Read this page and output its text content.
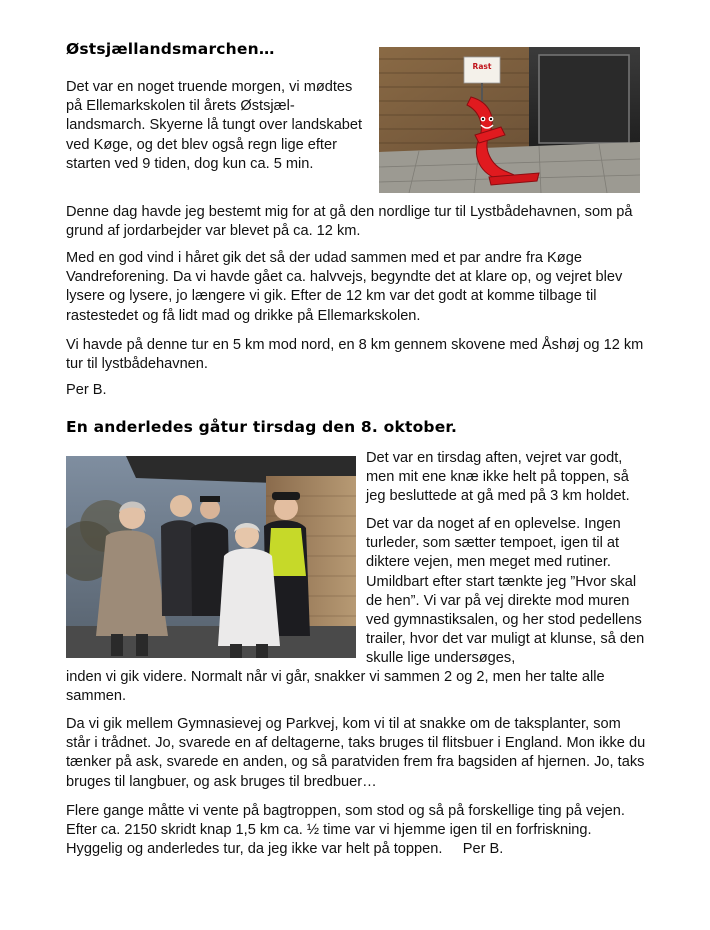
Østsjællandsmarchen…

Det var en noget truende morgen, vi mødtes på Ellemarkskolen til årets Østsjæl-landsmarch. Skyerne lå tungt over landskabet ved Køge, og det blev også regn lige efter starten ved 9 tiden, dog kun ca. 5 min.

Rast

Denne dag havde jeg bestemt mig for at gå den nordlige tur til Lystbådehavnen, som på grund af jordarbejder var blevet på ca. 12 km.

Med en god vind i håret gik det så der udad sammen med et par andre fra Køge Vandreforening. Da vi havde gået ca. halvvejs, begyndte det at klare op, og vejret blev lysere og lysere, jo længere vi gik. Efter de 12 km var det godt at komme tilbage til rastestedet og få lidt mad og drikke på Ellemarkskolen.

Vi havde på denne tur en 5 km mod nord, en 8 km gennem skovene med Åshøj og 12 km tur til lystbådehavnen.

Per B.

En anderledes gåtur tirsdag den 8. oktober.

Det var en tirsdag aften, vejret var godt, men mit ene knæ ikke helt på toppen, så jeg besluttede at gå med på 3 km holdet.

Det var da noget af en oplevelse. Ingen turleder, som sætter tempoet, igen til at diktere vejen, men meget med rutiner. Umildbart efter start tænkte jeg ”Hvor skal de hen”. Vi var på vej direkte mod muren ved gymnastiksalen, og her stod pedellens trailer, hvor det var muligt at klunse, så den skulle lige undersøges,

inden vi gik videre. Normalt når vi går, snakker vi sammen 2 og 2, men her talte alle sammen.

Da vi gik mellem Gymnasievej og Parkvej, kom vi til at snakke om de taksplanter, som står i trådnet. Jo, svarede en af deltagerne, taks bruges til flitsbuer i England. Mon ikke du tænker på ask, svarede en anden, og så paratviden frem fra bagsiden af hjernen. Jo, taks bruges til langbuer, og ask bruges til bredbuer…

Flere gange måtte vi vente på bagtroppen, som stod og så på forskellige ting på vejen. Efter ca. 2150 skridt knap 1,5 km ca. ½ time var vi hjemme igen til en forfriskning. Hyggelig og anderledes tur, da jeg ikke var helt på toppen. Per B.
